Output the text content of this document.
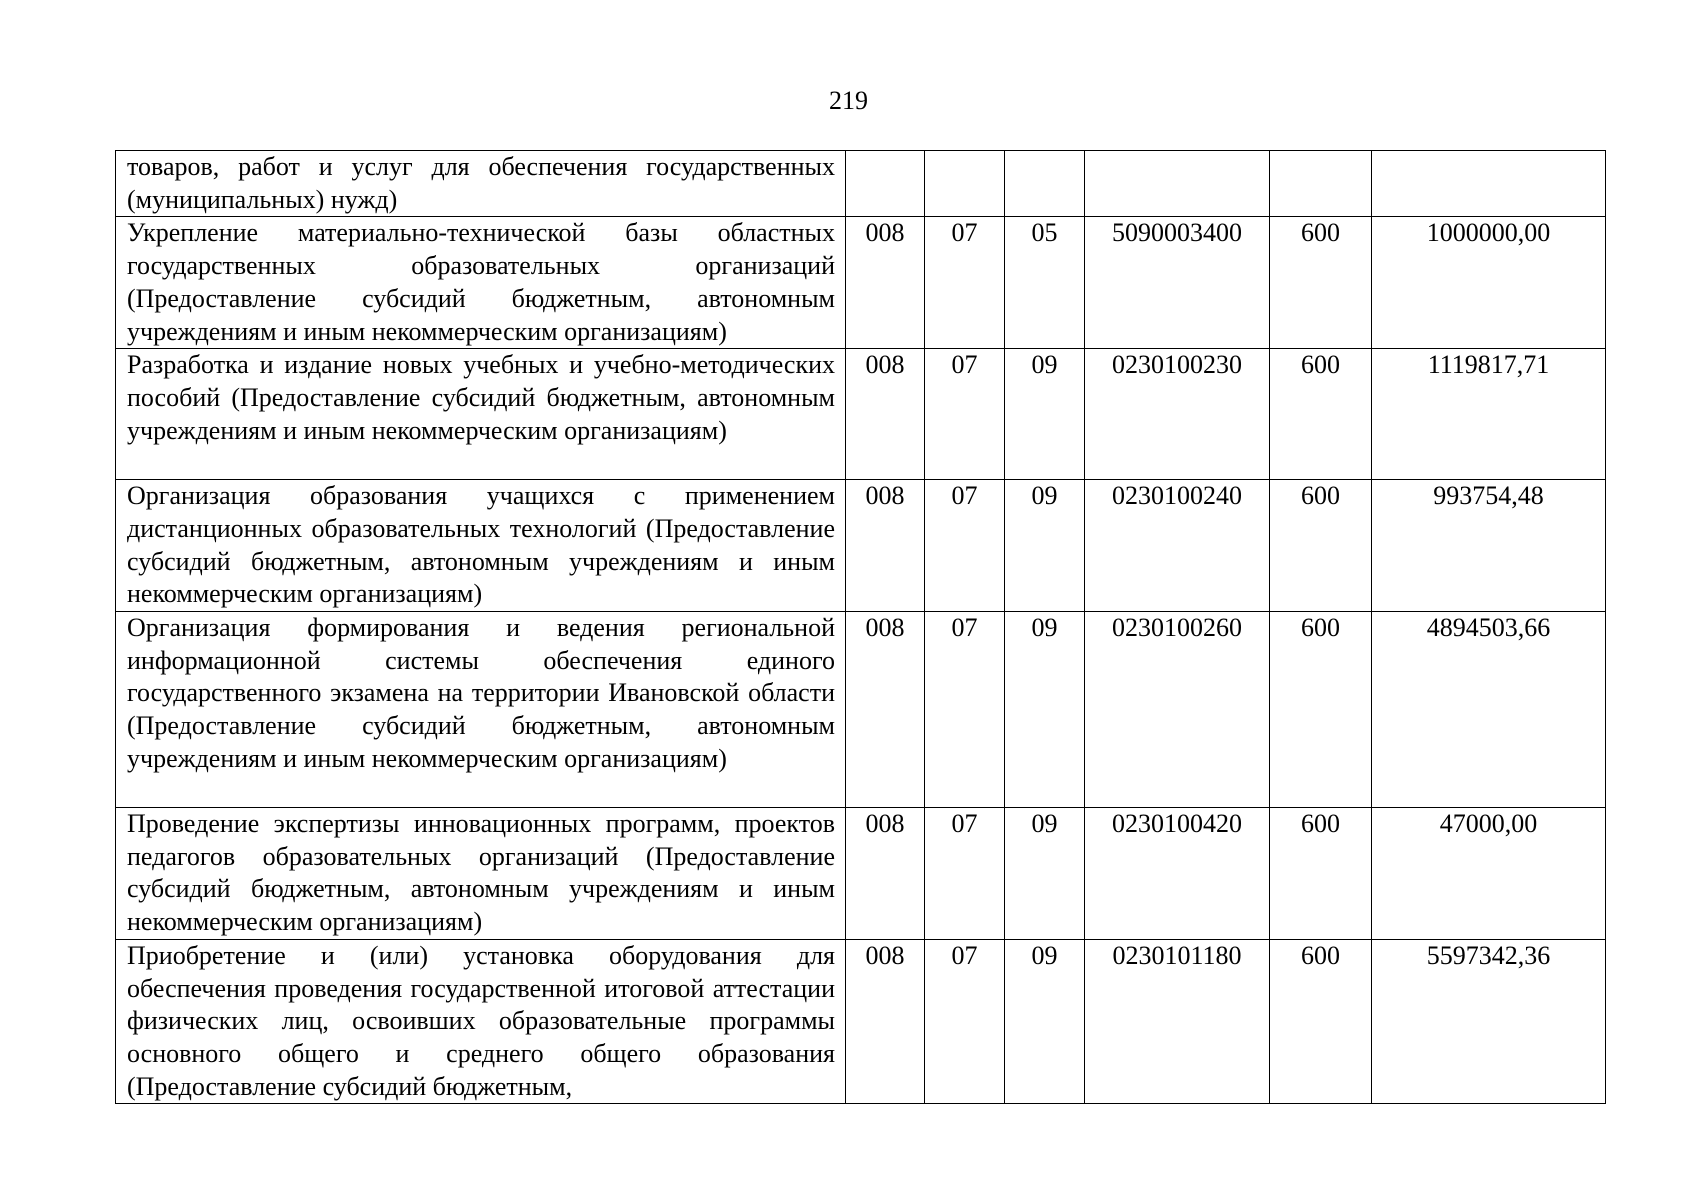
219
товаров, работ и услуг для обеспечения государственных (муниципальных) нужд)						
Укрепление материально-технической базы областных государственных образовательных организаций (Предоставление субсидий бюджетным, автономным учреждениям и иным некоммерческим организациям)	008	07	05	5090003400	600	1000000,00
Разработка и издание новых учебных и учебно-методических пособий (Предоставление субсидий бюджетным, автономным учреждениям и иным некоммерческим организациям)	008	07	09	0230100230	600	1119817,71
Организация образования учащихся с применением дистанционных образовательных технологий (Предоставление субсидий бюджетным, автономным учреждениям и иным некоммерческим организациям)	008	07	09	0230100240	600	993754,48
Организация формирования и ведения региональной информационной системы обеспечения единого государственного экзамена на территории Ивановской области (Предоставление субсидий бюджетным, автономным учреждениям и иным некоммерческим организациям)	008	07	09	0230100260	600	4894503,66
Проведение экспертизы инновационных программ, проектов педагогов образовательных организаций (Предоставление субсидий бюджетным, автономным учреждениям и иным некоммерческим организациям)	008	07	09	0230100420	600	47000,00
Приобретение и (или) установка оборудования для обеспечения проведения государственной итоговой аттестации физических лиц, освоивших образовательные программы основного общего и среднего общего образования (Предоставление субсидий бюджетным,	008	07	09	0230101180	600	5597342,36
